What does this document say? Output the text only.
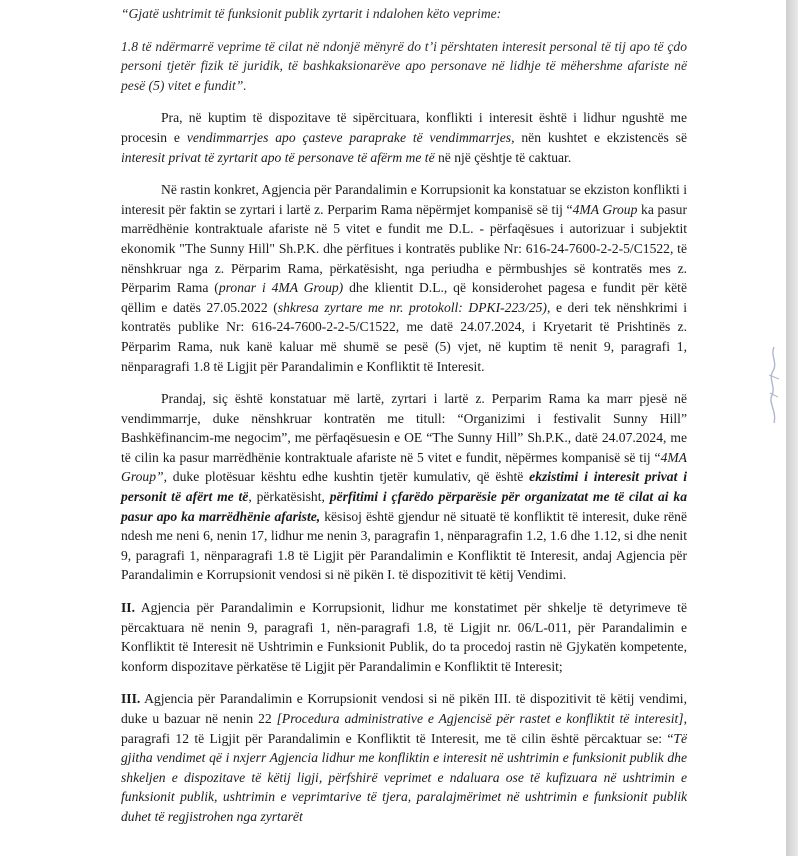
“Gjatë ushtrimit të funksionit publik zyrtarit i ndalohen këto veprime:

1.8 të ndërmarrë veprime të cilat në ndonjë mënyrë do t’i përshtaten interesit personal të tij apo të çdo personi tjetër fizik të juridik, të bashkaksionarëve apo personave në lidhje të mëhershme afariste në pesë (5) vitet e fundit”.

Pra, në kuptim të dispozitave të sipërcituara, konflikti i interesit është i lidhur ngushtë me procesin e vendimmarrjes apo çasteve paraprake të vendimmarrjes, nën kushtet e ekzistencës së interesit privat të zyrtarit apo të personave të afërm me të në një çështje të caktuar.

Në rastin konkret, Agjencia për Parandalimin e Korrupsionit ka konstatuar se ekziston konflikti i interesit për faktin se zyrtari i lartë z. Perparim Rama nëpërmjet kompanisë së tij “4MA Group ka pasur marrëdhënie kontraktuale afariste në 5 vitet e fundit me D.L. - përfaqësues i autorizuar i subjektit ekonomik "The Sunny Hill" Sh.P.K. dhe përfitues i kontratës publike Nr: 616-24-7600-2-2-5/C1522, të nënshkruar nga z. Përparim Rama, përkatësisht, nga periudha e përmbushjes së kontratës mes z. Përparim Rama (pronar i 4MA Group) dhe klientit D.L., që konsiderohet pagesa e fundit për këtë qëllim e datës 27.05.2022 (shkresa zyrtare me nr. protokoll: DPKI-223/25), e deri tek nënshkrimi i kontratës publike Nr: 616-24-7600-2-2-5/C1522, me datë 24.07.2024, i Kryetarit të Prishtinës z. Përparim Rama, nuk kanë kaluar më shumë se pesë (5) vjet, në kuptim të nenit 9, paragrafi 1, nënparagrafi 1.8 të Ligjit për Parandalimin e Konfliktit të Interesit.

Prandaj, siç është konstatuar më lartë, zyrtari i lartë z. Perparim Rama ka marr pjesë në vendimmarrje, duke nënshkruar kontratën me titull: “Organizimi i festivalit Sunny Hill” Bashkëfinancim-me negocim”, me përfaqësuesin e OE “The Sunny Hill” Sh.P.K., datë 24.07.2024, me të cilin ka pasur marrëdhënie kontraktuale afariste në 5 vitet e fundit, nëpërmes kompanisë së tij “4MA Group”, duke plotësuar kështu edhe kushtin tjetër kumulativ, që është ekzistimi i interesit privat i personit të afërt me të, përkatësisht, përfitimi i çfarëdo përparësie për organizatat me të cilat ai ka pasur apo ka marrëdhënie afariste, kësisoj është gjendur në situatë të konfliktit të interesit, duke rënë ndesh me neni 6, nenin 17, lidhur me nenin 3, paragrafin 1, nënparagrafin 1.2, 1.6 dhe 1.12, si dhe nenit 9, paragrafi 1, nënparagrafi 1.8 të Ligjit për Parandalimin e Konfliktit të Interesit, andaj Agjencia për Parandalimin e Korrupsionit vendosi si në pikën I. të dispozitivit të këtij Vendimi.

II. Agjencia për Parandalimin e Korrupsionit, lidhur me konstatimet për shkelje të detyrimeve të përcaktuara në nenin 9, paragrafi 1, nën-paragrafi 1.8, të Ligjit nr. 06/L-011, për Parandalimin e Konfliktit të Interesit në Ushtrimin e Funksionit Publik, do ta procedoj rastin në Gjykatën kompetente, konform dispozitave përkatëse të Ligjit për Parandalimin e Konfliktit të Interesit;

III. Agjencia për Parandalimin e Korrupsionit vendosi si në pikën III. të dispozitivit të këtij vendimi, duke u bazuar në nenin 22 [Procedura administrative e Agjencisë për rastet e konfliktit të interesit], paragrafi 12 të Ligjit për Parandalimin e Konfliktit të Interesit, me të cilin është përcaktuar se: “Të gjitha vendimet që i nxjerr Agjencia lidhur me konfliktin e interesit në ushtrimin e funksionit publik dhe shkeljen e dispozitave të këtij ligji, përfshirë veprimet e ndaluara ose të kufizuara në ushtrimin e funksionit publik, ushtrimin e veprimtarive të tjera, paralajmërimet në ushtrimin e funksionit publik duhet të regjistrohen nga zyrtarët
